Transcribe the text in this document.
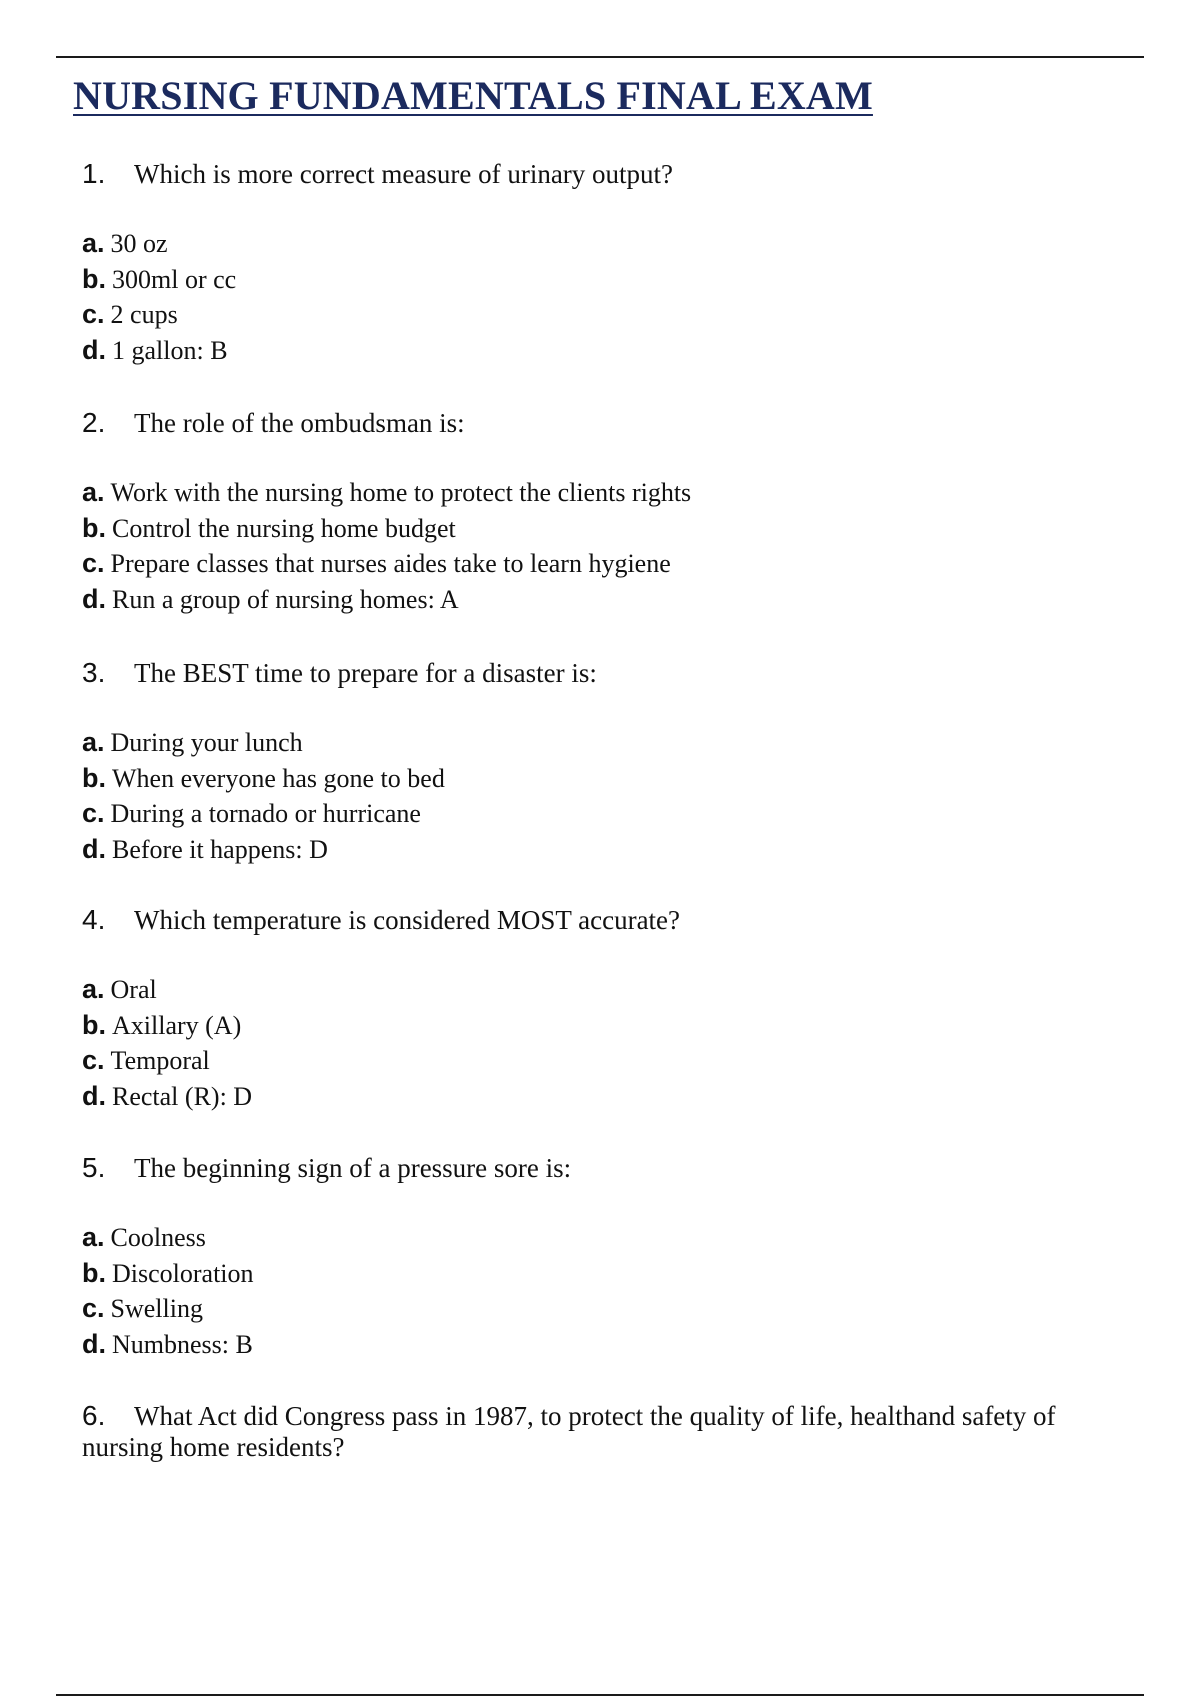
NURSING FUNDAMENTALS FINAL EXAM

1. Which is more correct measure of urinary output?

a. 30 oz

b. 300ml or cc

c. 2 cups

d. 1 gallon: B

2. The role of the ombudsman is:

a. Work with the nursing home to protect the clients rights

b. Control the nursing home budget

c. Prepare classes that nurses aides take to learn hygiene

d. Run a group of nursing homes: A

3. The BEST time to prepare for a disaster is:

a. During your lunch

b. When everyone has gone to bed

c. During a tornado or hurricane

d. Before it happens: D

4. Which temperature is considered MOST accurate?

a. Oral

b. Axillary (A)

c. Temporal

d. Rectal (R): D

5. The beginning sign of a pressure sore is:

a. Coolness

b. Discoloration

c. Swelling

d. Numbness: B

6. What Act did Congress pass in 1987, to protect the quality of life, healthand safety of nursing home residents?
